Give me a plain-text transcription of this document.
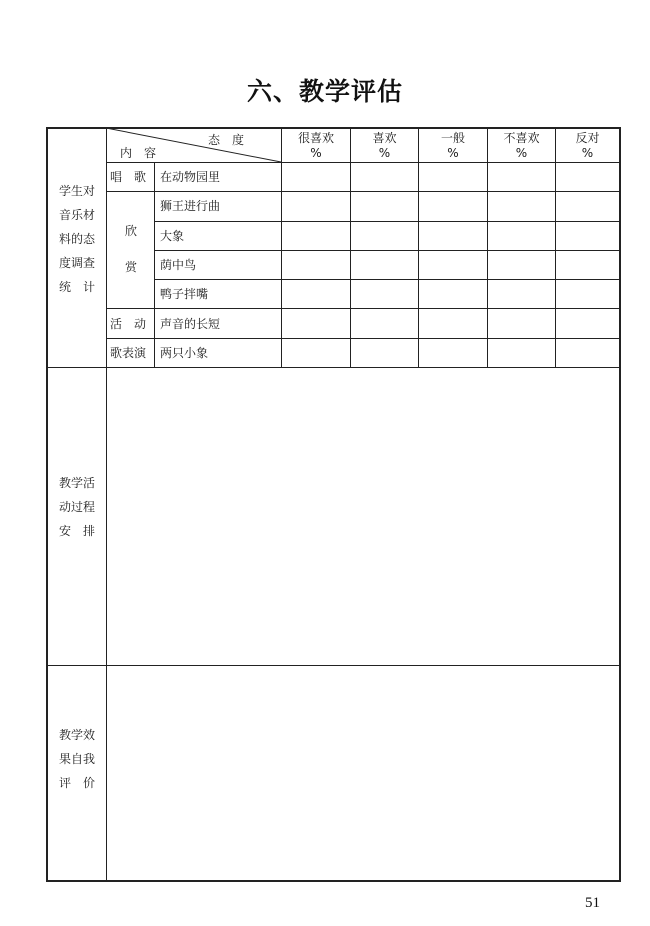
六、教学评估
态　度
内　容
很喜欢
%
喜欢
%
一般
%
不喜欢
%
反对
%
学生对
音乐材
料的态
度调查
统　计
唱　歌
欣
赏
活　动
歌表演
在动物园里
狮王进行曲
大象
荫中鸟
鸭子拌嘴
声音的长短
两只小象
教学活
动过程
安　排
教学效
果自我
评　价
51
